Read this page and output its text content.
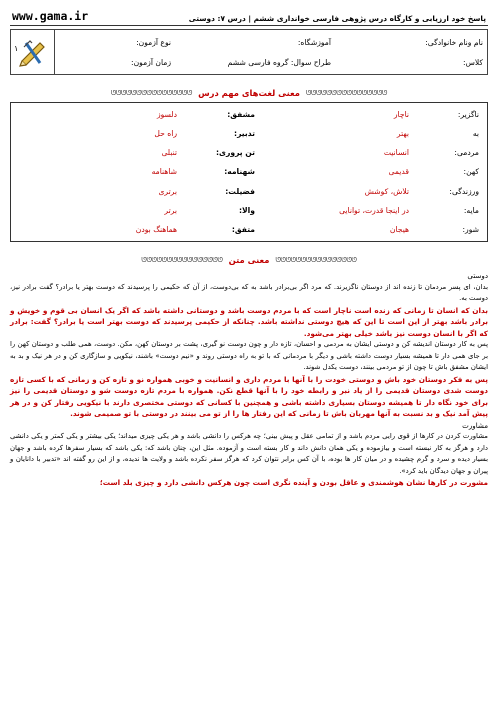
پاسخ خود ارزیابی و کارگاه درس پژوهی فارسی خوانداری ششم | درس ۷: دوستی
www.gama.ir
نام ونام خانوادگی:
کلاس:
آموزشگاه:
طراح سوال: گروه فارسی ششم
نوع آزمون:
زمان آزمون:
۱
ᘎᘎᘎᘎᘎᘎᘎᘎᘎᘎᘎᘎᘎᘎᘎᘎ
معنی لغت‌های مهم درس
ᘎᘎᘎᘎᘎᘎᘎᘎᘎᘎᘎᘎᘎᘎᘎᘎ
ناگزیر:
ناچار
مشفق:
دلسوز
به
بهتر
تدبیر:
راه حل
مردمی:
انسانیت
تن پروری:
تنبلی
کهن:
قدیمی
شهنامه:
شاهنامه
ورزندگی:
تلاش، کوشش
فضیلت:
برتری
مایه:
در اینجا قدرت، توانایی
والا:
برتر
شور:
هیجان
متفق:
هماهنگ بودن
ᘎᘎᘎᘎᘎᘎᘎᘎᘎᘎᘎᘎᘎᘎᘎᘎ
معنی متن
ᘎᘎᘎᘎᘎᘎᘎᘎᘎᘎᘎᘎᘎᘎᘎᘎ

دوستی

بدان، ای پسر مردمان تا زنده اند از دوستان ناگزیرند. که مرد اگر بی‌برادر باشد به که بی‌دوست، از آن که حکیمی را پرسیدند که دوست بهتر یا برادر؟ گفت برادر نیز، دوست به.

بدان که انسان تا زمانی که زنده است ناچار است که با مردم دوست باشد و دوستانی داشته باشد که اگر یک انسان بی قوم و خویش و برادر باشد بهتر از این است تا این که هیچ دوستی نداشته باشد. چنانکه از حکیمی پرسیدند که دوست بهتر است یا برادر؟ گفت: برادر که اگر با انسان دوست نیز باشد خیلی بهتر می‌شود.

پس به کار دوستان اندیشه کن و دوستی ایشان به مردمی و احسان، تازه دار و چون دوست نو گیری، پشت بر دوستان کهن، مکن. دوست، همی طلب و دوستان کهن را بر جای همی دار تا همیشه بسیار دوست داشته باشی و دیگر با مردمانی که با تو به راه دوستی روند و «نیم دوست» باشند، نیکویی و سازگاری کن و در هر نیک و بد به ایشان مشفق باش تا چون از تو مردمی بینند، دوست یکدل شوند.

پس به فکر دوستان خود باش و دوستی خودت را با آنها با مردم داری و انسانیت و خوبی همواره نو و تازه کن و زمانی که با کسی تازه دوست شدی دوستان قدیمی را از یاد نبر و رابطه خود را با آنها قطع نکن. همواره با مردم تازه دوست شو و دوستان قدیمی را نیز برای خود نگاه دار تا همیشه دوستان بسیاری داشته باشی و همچنین با کسانی که دوستی مختصری دارند با نیکویی رفتار کن و در هر پیش آمد نیک و بد نسبت به آنها مهربان باش تا زمانی که این رفتار ها را از تو می بینند در دوستی با تو صمیمی شوند.

مشاورت

مشاورت کردن در کارها از قوی رایی مردم باشد و از تمامی عقل و پیش بینی؛ چه هرکس را دانشی باشد و هر یکی چیزی میداند؛ یکی بیشتر و یکی کمتر و یکی دانشی دارد و هرگز به کار نبسته است و بیازموده و یکی همان دانش داند و کار بسته است و آزموده. مثل این، چنان باشد که: یکی باشد که بسیار سفرها کرده باشد و جهان بسیار دیده و سرد و گرم چشیده و در میان کار ها بوده، با آن کس برابر نتوان کرد که هرگز سفر نکرده باشد و ولایت ها ندیده، و از این رو گفته اند «تدبیر با دانایان و پیران و جهان دیدگان باید کرد».

مشورت در کارها نشان هوشمندی و عاقل بودن و آینده نگری است چون هرکس دانشی دارد و چیزی بلد است؛
